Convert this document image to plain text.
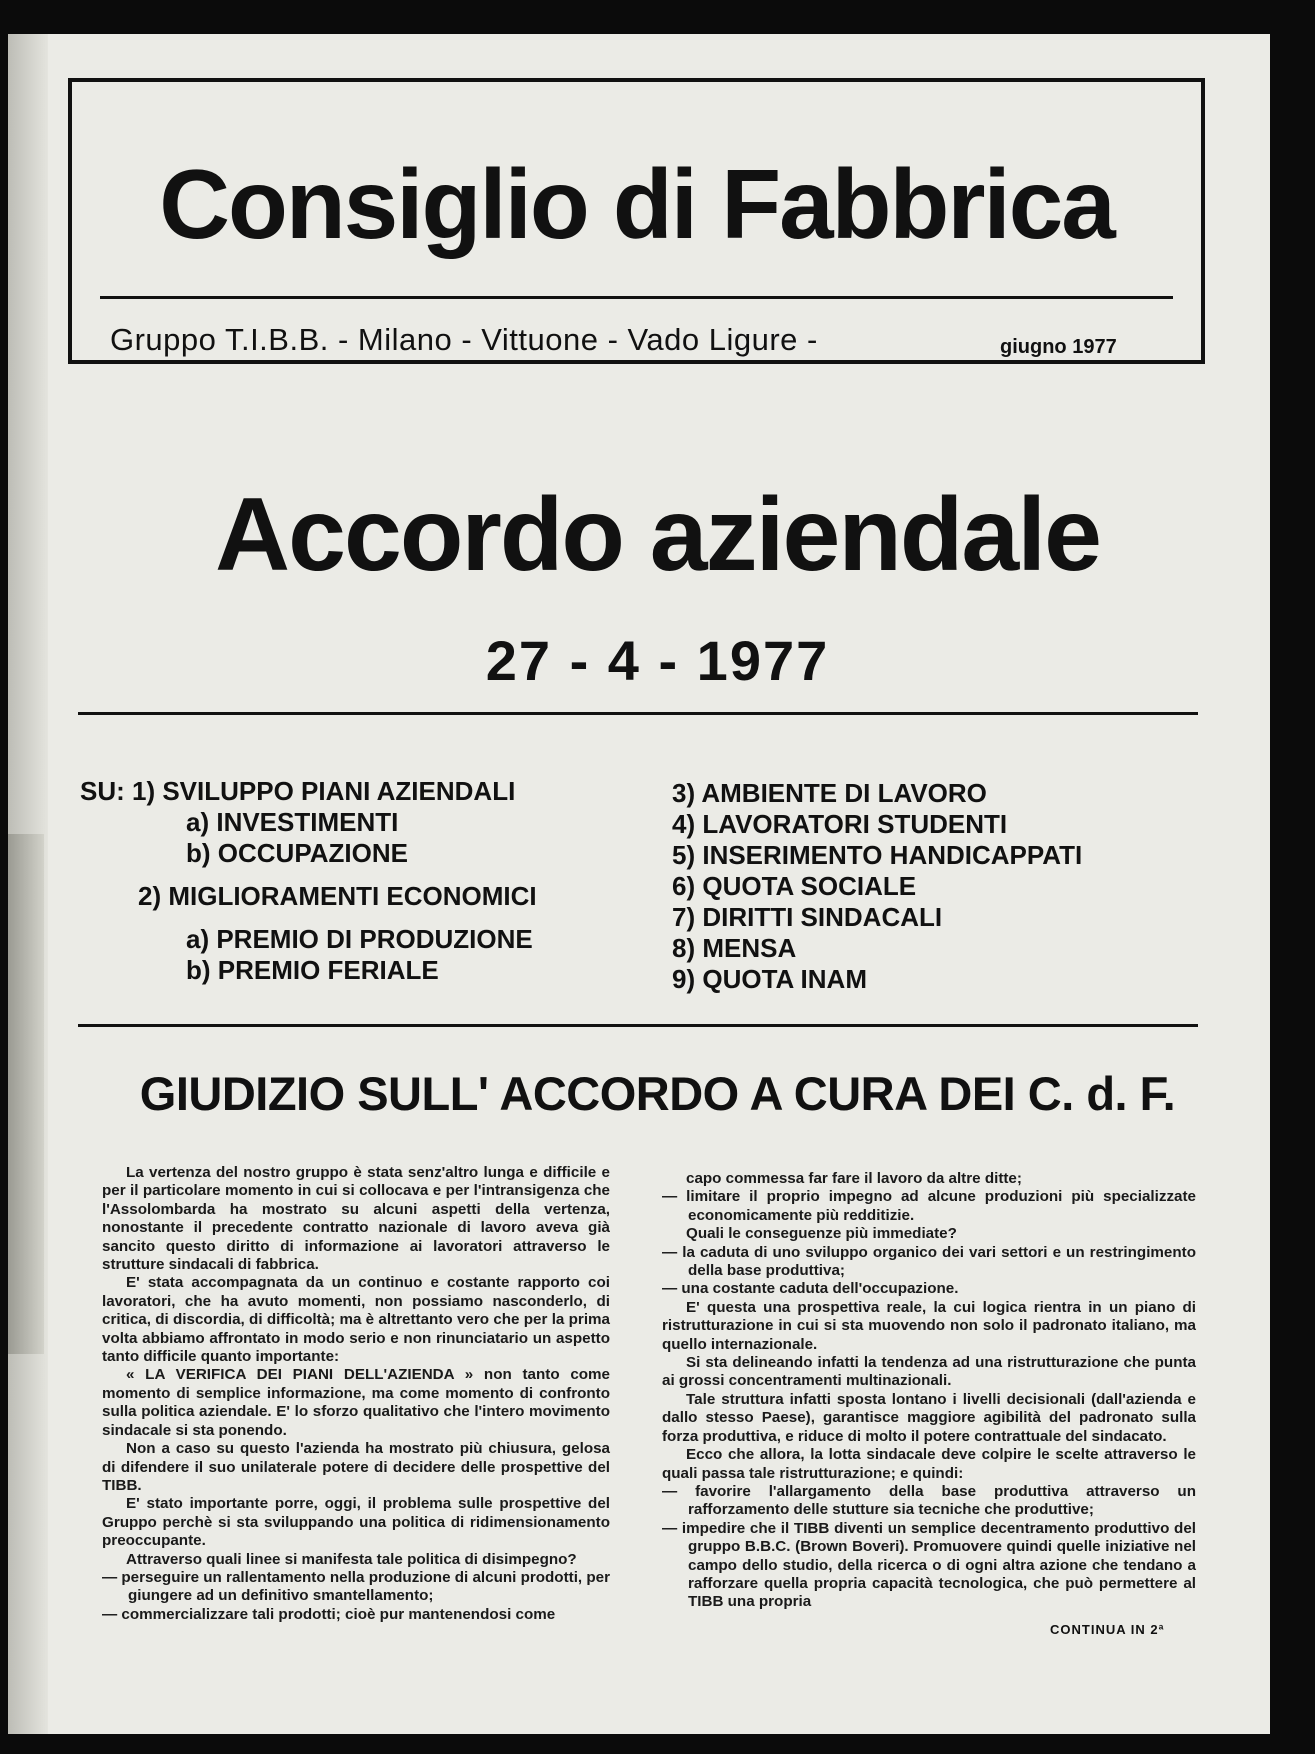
Consiglio di Fabbrica
Gruppo T.I.B.B. - Milano - Vittuone - Vado Ligure -	giugno 1977
Accordo aziendale
27 - 4 - 1977
SU: 1) SVILUPPO PIANI AZIENDALI
a) INVESTIMENTI
b) OCCUPAZIONE
2) MIGLIORAMENTI ECONOMICI
a) PREMIO DI PRODUZIONE
b) PREMIO FERIALE
3) AMBIENTE DI LAVORO
4) LAVORATORI STUDENTI
5) INSERIMENTO HANDICAPPATI
6) QUOTA SOCIALE
7) DIRITTI SINDACALI
8) MENSA
9) QUOTA INAM
GIUDIZIO SULL' ACCORDO A CURA DEI C. d. F.

La vertenza del nostro gruppo è stata senz'altro lunga e difficile e per il particolare momento in cui si collocava e per l'intransigenza che l'Assolombarda ha mostrato su alcuni aspetti della vertenza, nonostante il precedente contratto nazionale di lavoro aveva già sancito questo diritto di informazione ai lavoratori attraverso le strutture sindacali di fabbrica.

E' stata accompagnata da un continuo e costante rapporto coi lavoratori, che ha avuto momenti, non possiamo nasconderlo, di critica, di discordia, di difficoltà; ma è altrettanto vero che per la prima volta abbiamo affrontato in modo serio e non rinunciatario un aspetto tanto difficile quanto importante:

« LA VERIFICA DEI PIANI DELL'AZIENDA » non tanto come momento di semplice informazione, ma come momento di confronto sulla politica aziendale. E' lo sforzo qualitativo che l'intero movimento sindacale si sta ponendo.

Non a caso su questo l'azienda ha mostrato più chiusura, gelosa di difendere il suo unilaterale potere di decidere delle prospettive del TIBB.

E' stato importante porre, oggi, il problema sulle prospettive del Gruppo perchè si sta sviluppando una politica di ridimensionamento preoccupante.

Attraverso quali linee si manifesta tale politica di disimpegno?

— perseguire un rallentamento nella produzione di alcuni prodotti, per giungere ad un definitivo smantellamento;

— commercializzare tali prodotti; cioè pur mantenendosi come

capo commessa far fare il lavoro da altre ditte;

— limitare il proprio impegno ad alcune produzioni più specializzate economicamente più redditizie.

Quali le conseguenze più immediate?

— la caduta di uno sviluppo organico dei vari settori e un restringimento della base produttiva;

— una costante caduta dell'occupazione.

E' questa una prospettiva reale, la cui logica rientra in un piano di ristrutturazione in cui si sta muovendo non solo il padronato italiano, ma quello internazionale.

Si sta delineando infatti la tendenza ad una ristrutturazione che punta ai grossi concentramenti multinazionali.

Tale struttura infatti sposta lontano i livelli decisionali (dall'azienda e dallo stesso Paese), garantisce maggiore agibilità del padronato sulla forza produttiva, e riduce di molto il potere contrattuale del sindacato.

Ecco che allora, la lotta sindacale deve colpire le scelte attraverso le quali passa tale ristrutturazione; e quindi:

— favorire l'allargamento della base produttiva attraverso un rafforzamento delle stutture sia tecniche che produttive;

— impedire che il TIBB diventi un semplice decentramento produttivo del gruppo B.B.C. (Brown Boveri). Promuovere quindi quelle iniziative nel campo dello studio, della ricerca o di ogni altra azione che tendano a rafforzare quella propria capacità tecnologica, che può permettere al TIBB una propria

CONTINUA IN 2ª
